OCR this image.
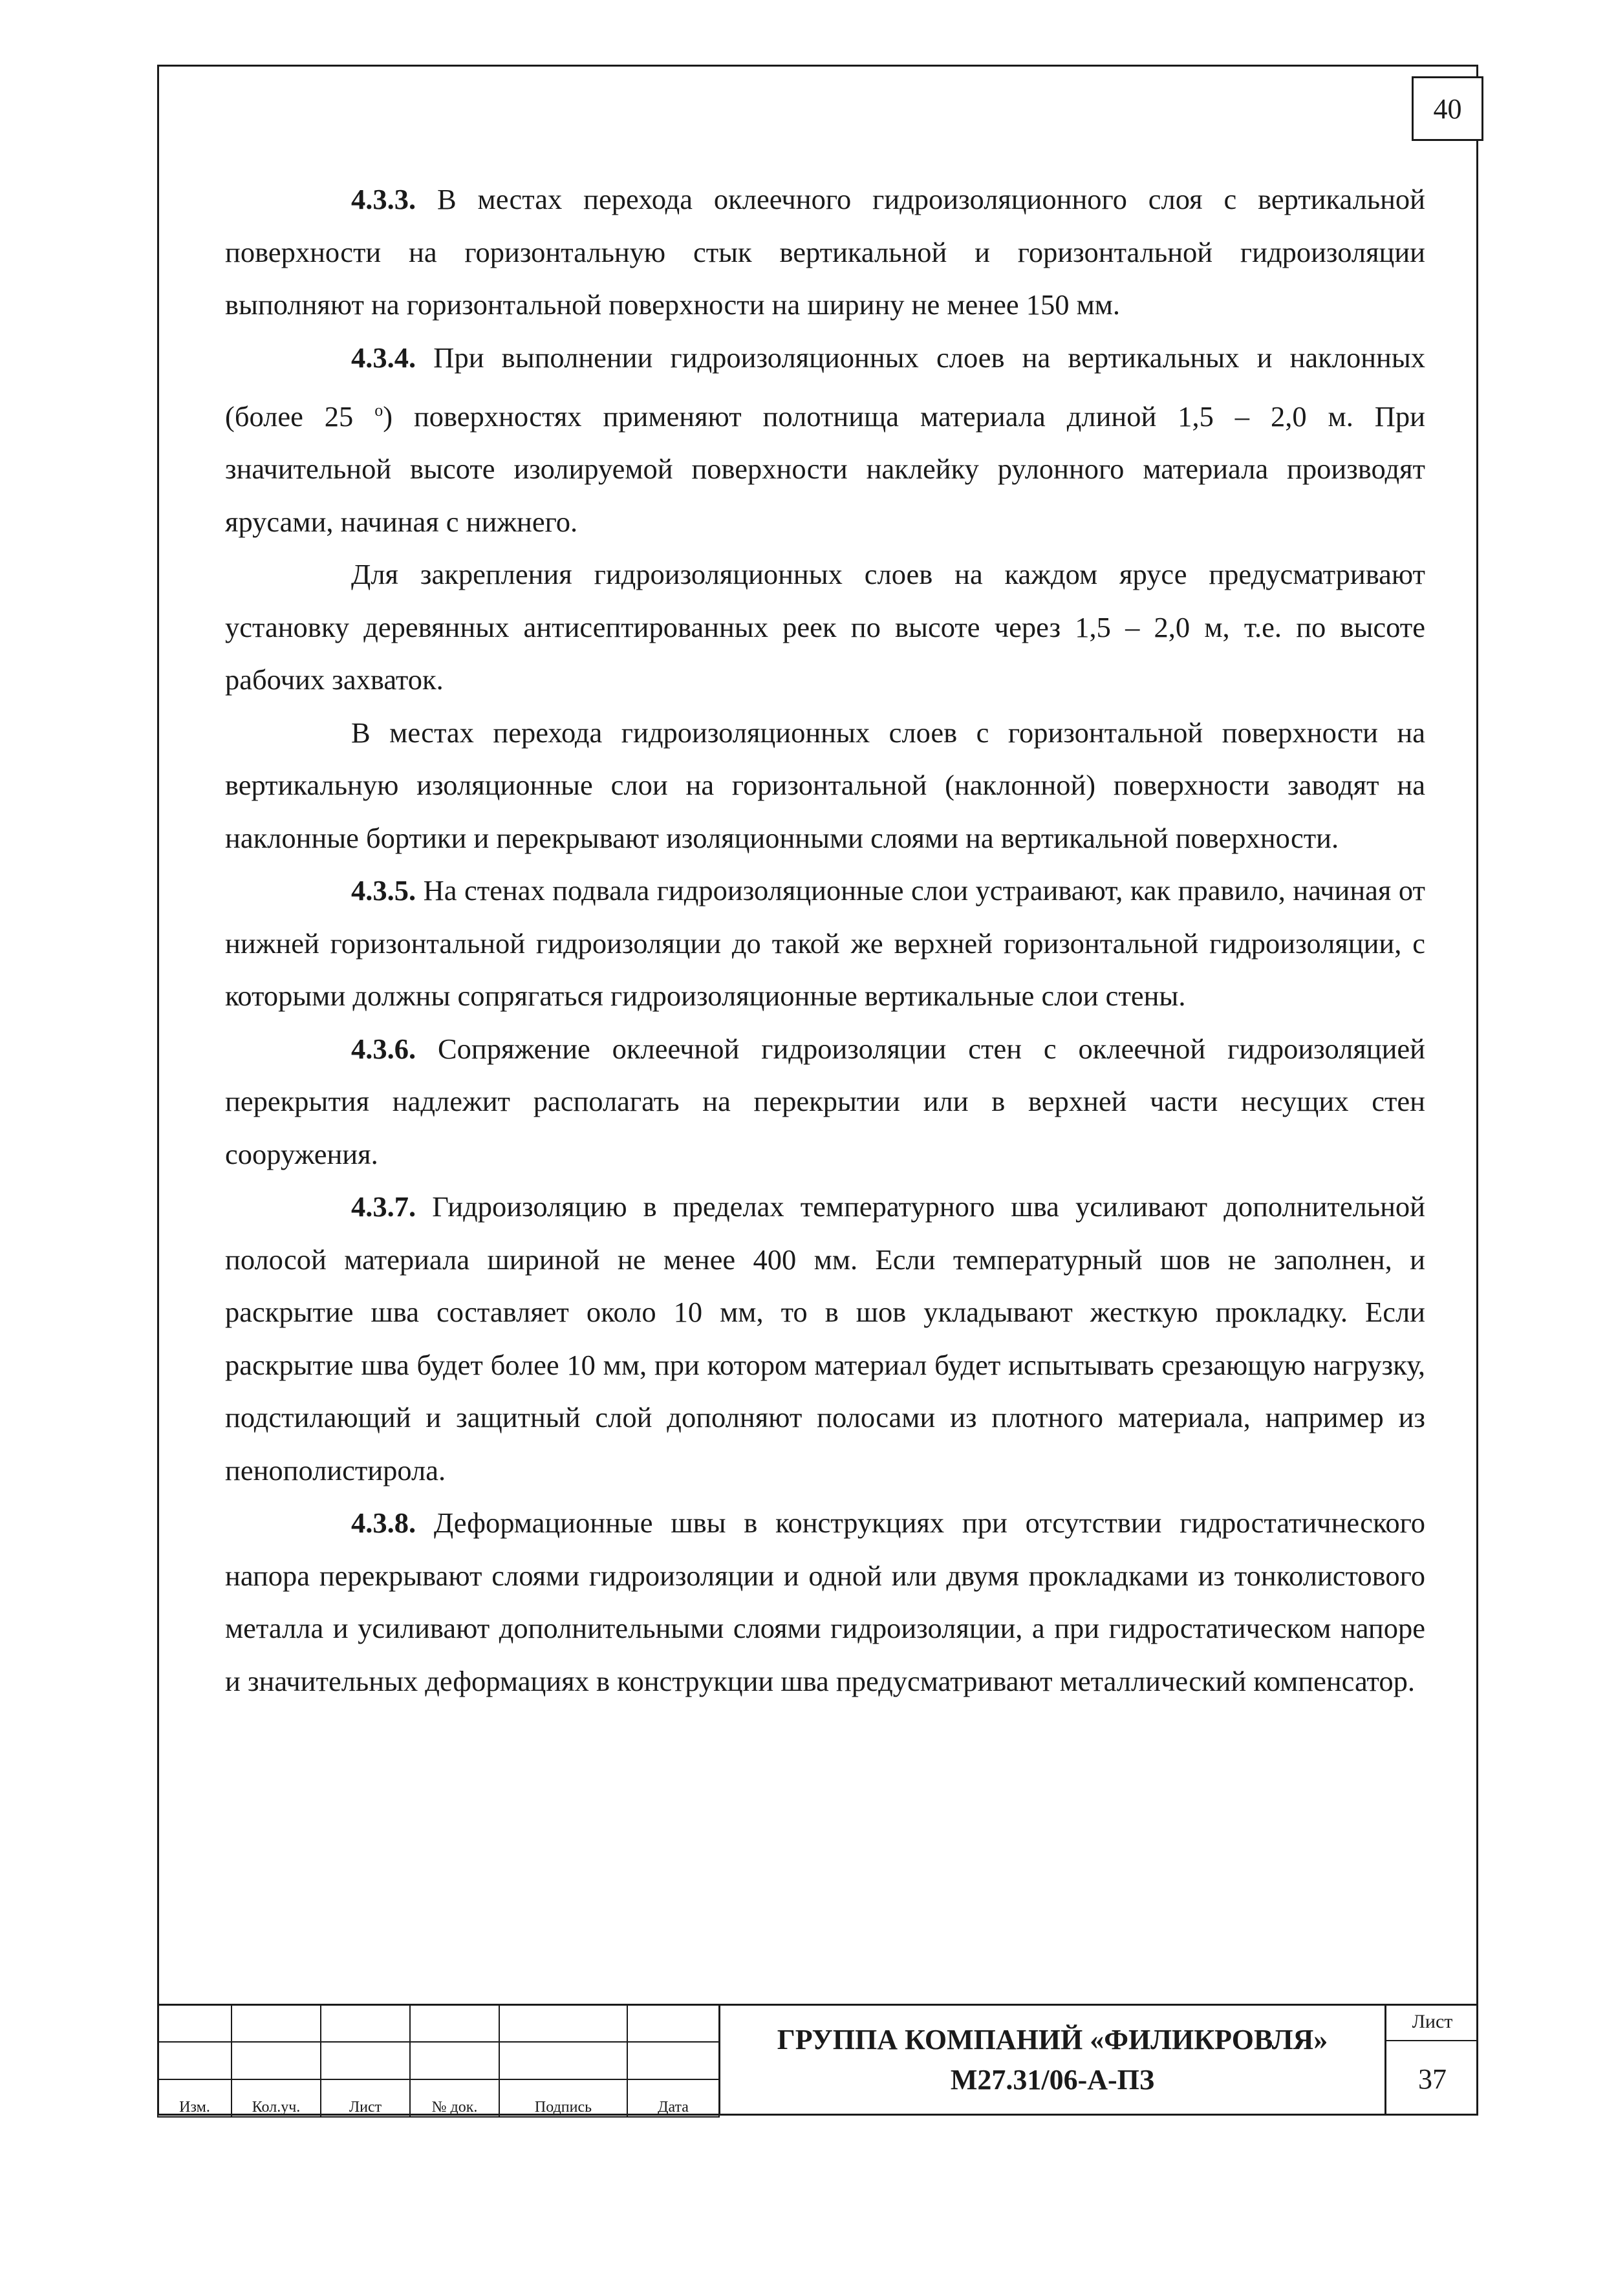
40

4.3.3. В местах перехода оклеечного гидроизоляционного слоя с вертикальной поверхности на горизонтальную стык вертикальной и горизонтальной гидроизоляции выполняют на горизонтальной поверхности на ширину не менее 150 мм.

4.3.4. При выполнении гидроизоляционных слоев на вертикальных и наклонных (более 25 $^о$) поверхностях применяют полотнища материала длиной 1,5 – 2,0 м. При значительной высоте изолируемой поверхности наклейку рулонного материала производят ярусами, начиная с нижнего.

Для закрепления гидроизоляционных слоев на каждом ярусе предусматривают установку деревянных антисептированных реек по высоте через 1,5 – 2,0 м, т.е. по высоте рабочих захваток.

В местах перехода гидроизоляционных слоев с горизонтальной поверхности на вертикальную изоляционные слои на горизонтальной (наклонной) поверхности заводят на наклонные бортики и перекрывают изоляционными слоями на вертикальной поверхности.

4.3.5. На стенах подвала гидроизоляционные слои устраивают, как правило, начиная от нижней горизонтальной гидроизоляции до такой же верхней горизонтальной гидроизоляции, с которыми должны сопрягаться гидроизоляционные вертикальные слои стены.

4.3.6. Сопряжение оклеечной гидроизоляции стен с оклеечной гидроизоляцией перекрытия надлежит располагать на перекрытии или в верхней части несущих стен сооружения.

4.3.7. Гидроизоляцию в пределах температурного шва усиливают дополнительной полосой материала шириной не менее 400 мм. Если температурный шов не заполнен, и раскрытие шва составляет около 10 мм, то в шов укладывают жесткую прокладку. Если раскрытие шва будет более 10 мм, при котором материал будет испытывать срезающую нагрузку, подстилающий и защитный слой дополняют полосами из плотного материала, например из пенополистирола.

4.3.8. Деформационные швы в конструкциях при отсутствии гидростатичнеского напора перекрывают слоями гидроизоляции и одной или двумя прокладками из тонколистового металла и усиливают дополнительными слоями гидроизоляции, а при гидростатическом напоре и значительных деформациях в конструкции шва предусматривают металлический компенсатор.

Изм.	Кол.уч.	Лист	№ док.	Подпись	Дата
ГРУППА КОМПАНИЙ «ФИЛИКРОВЛЯ»
М27.31/06-А-ПЗ
Лист
37
